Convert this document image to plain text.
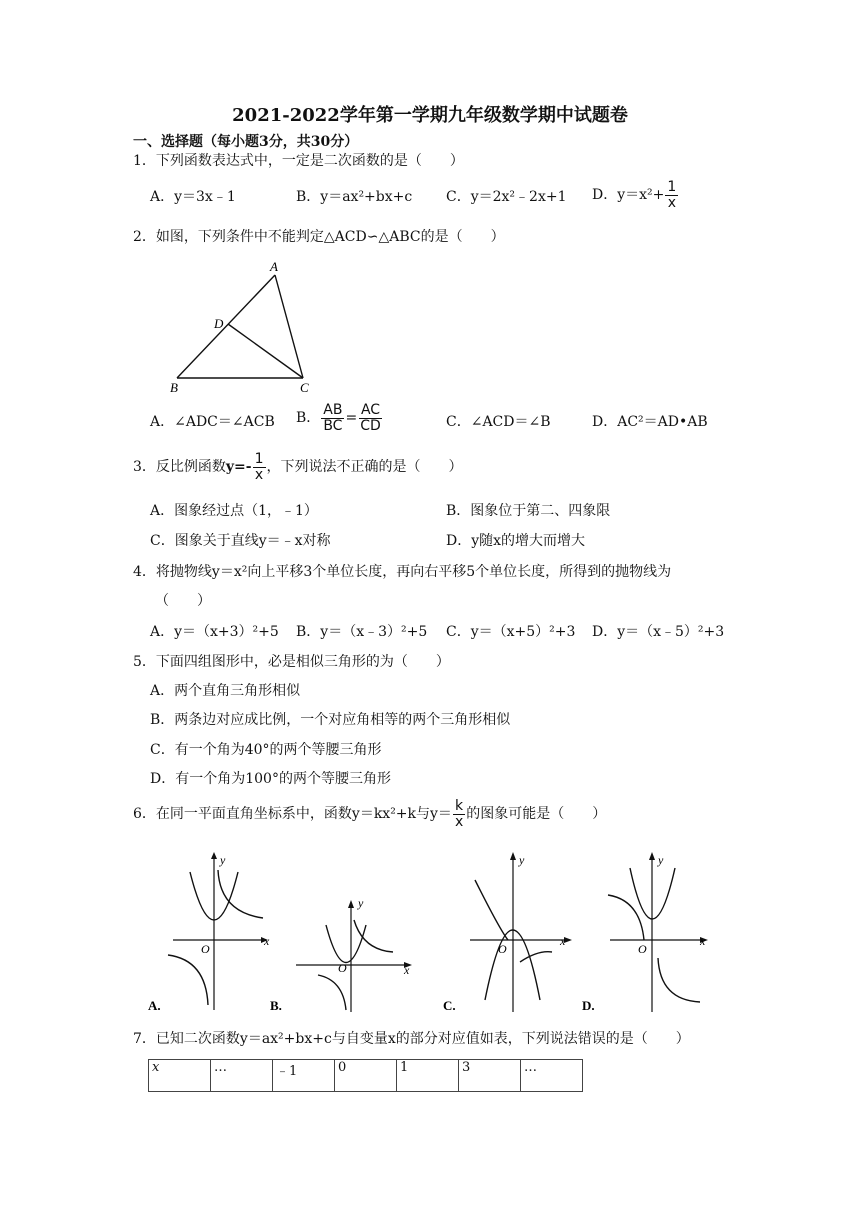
2021-2022学年第一学期九年级数学期中试题卷
一、选择题（每小题3分，共30分）
1．下列函数表达式中，一定是二次函数的是（　　）
A．y＝3x﹣1	B．y＝ax²+bx+c C．y＝2x²﹣2x+1 D．$y=x^2+ \frac{1}{x}$
2．如图，下列条件中不能判定△ACD∽△ABC的是（　　）
A
D
B	C
A．∠ADC＝∠ACB B． $\frac{AB}{BC} = \frac{AC}{CD}$	C．∠ACD＝∠B	D．AC²＝AD•AB
3．反比例函数$y=- \frac{1}{x}$ ，下列说法不正确的是（　　）
A．图象经过点（1，﹣1）	B．图象位于第二、四象限
C．图象关于直线y＝﹣x对称	D．y随x的增大而增大
4．将抛物线y＝x²向上平移3个单位长度，再向右平移5个单位长度，所得到的抛物线为
（　　）
A．y＝（x+3）²+5 B．y＝（x﹣3）²+5 C．y＝（x+5）²+3 D．y＝（x﹣5）²+3
5．下面四组图形中，必是相似三角形的为（　　）
A．两个直角三角形相似
B．两条边对应成比例，一个对应角相等的两个三角形相似
C．有一个角为40°的两个等腰三角形
D．有一个角为100°的两个等腰三角形
6．在同一平面直角坐标系中，函数y＝kx²+k与$y= \frac{k}{x}$ 的图象可能是（　　）
y
x
O
A.
y
x
O
B.
y
x
O
C.
y
x
O
D.
7．已知二次函数y＝ax²+bx+c与自变量x的部分对应值如表，下列说法错误的是（　　）
x	…	﹣1	0	1	3	…
